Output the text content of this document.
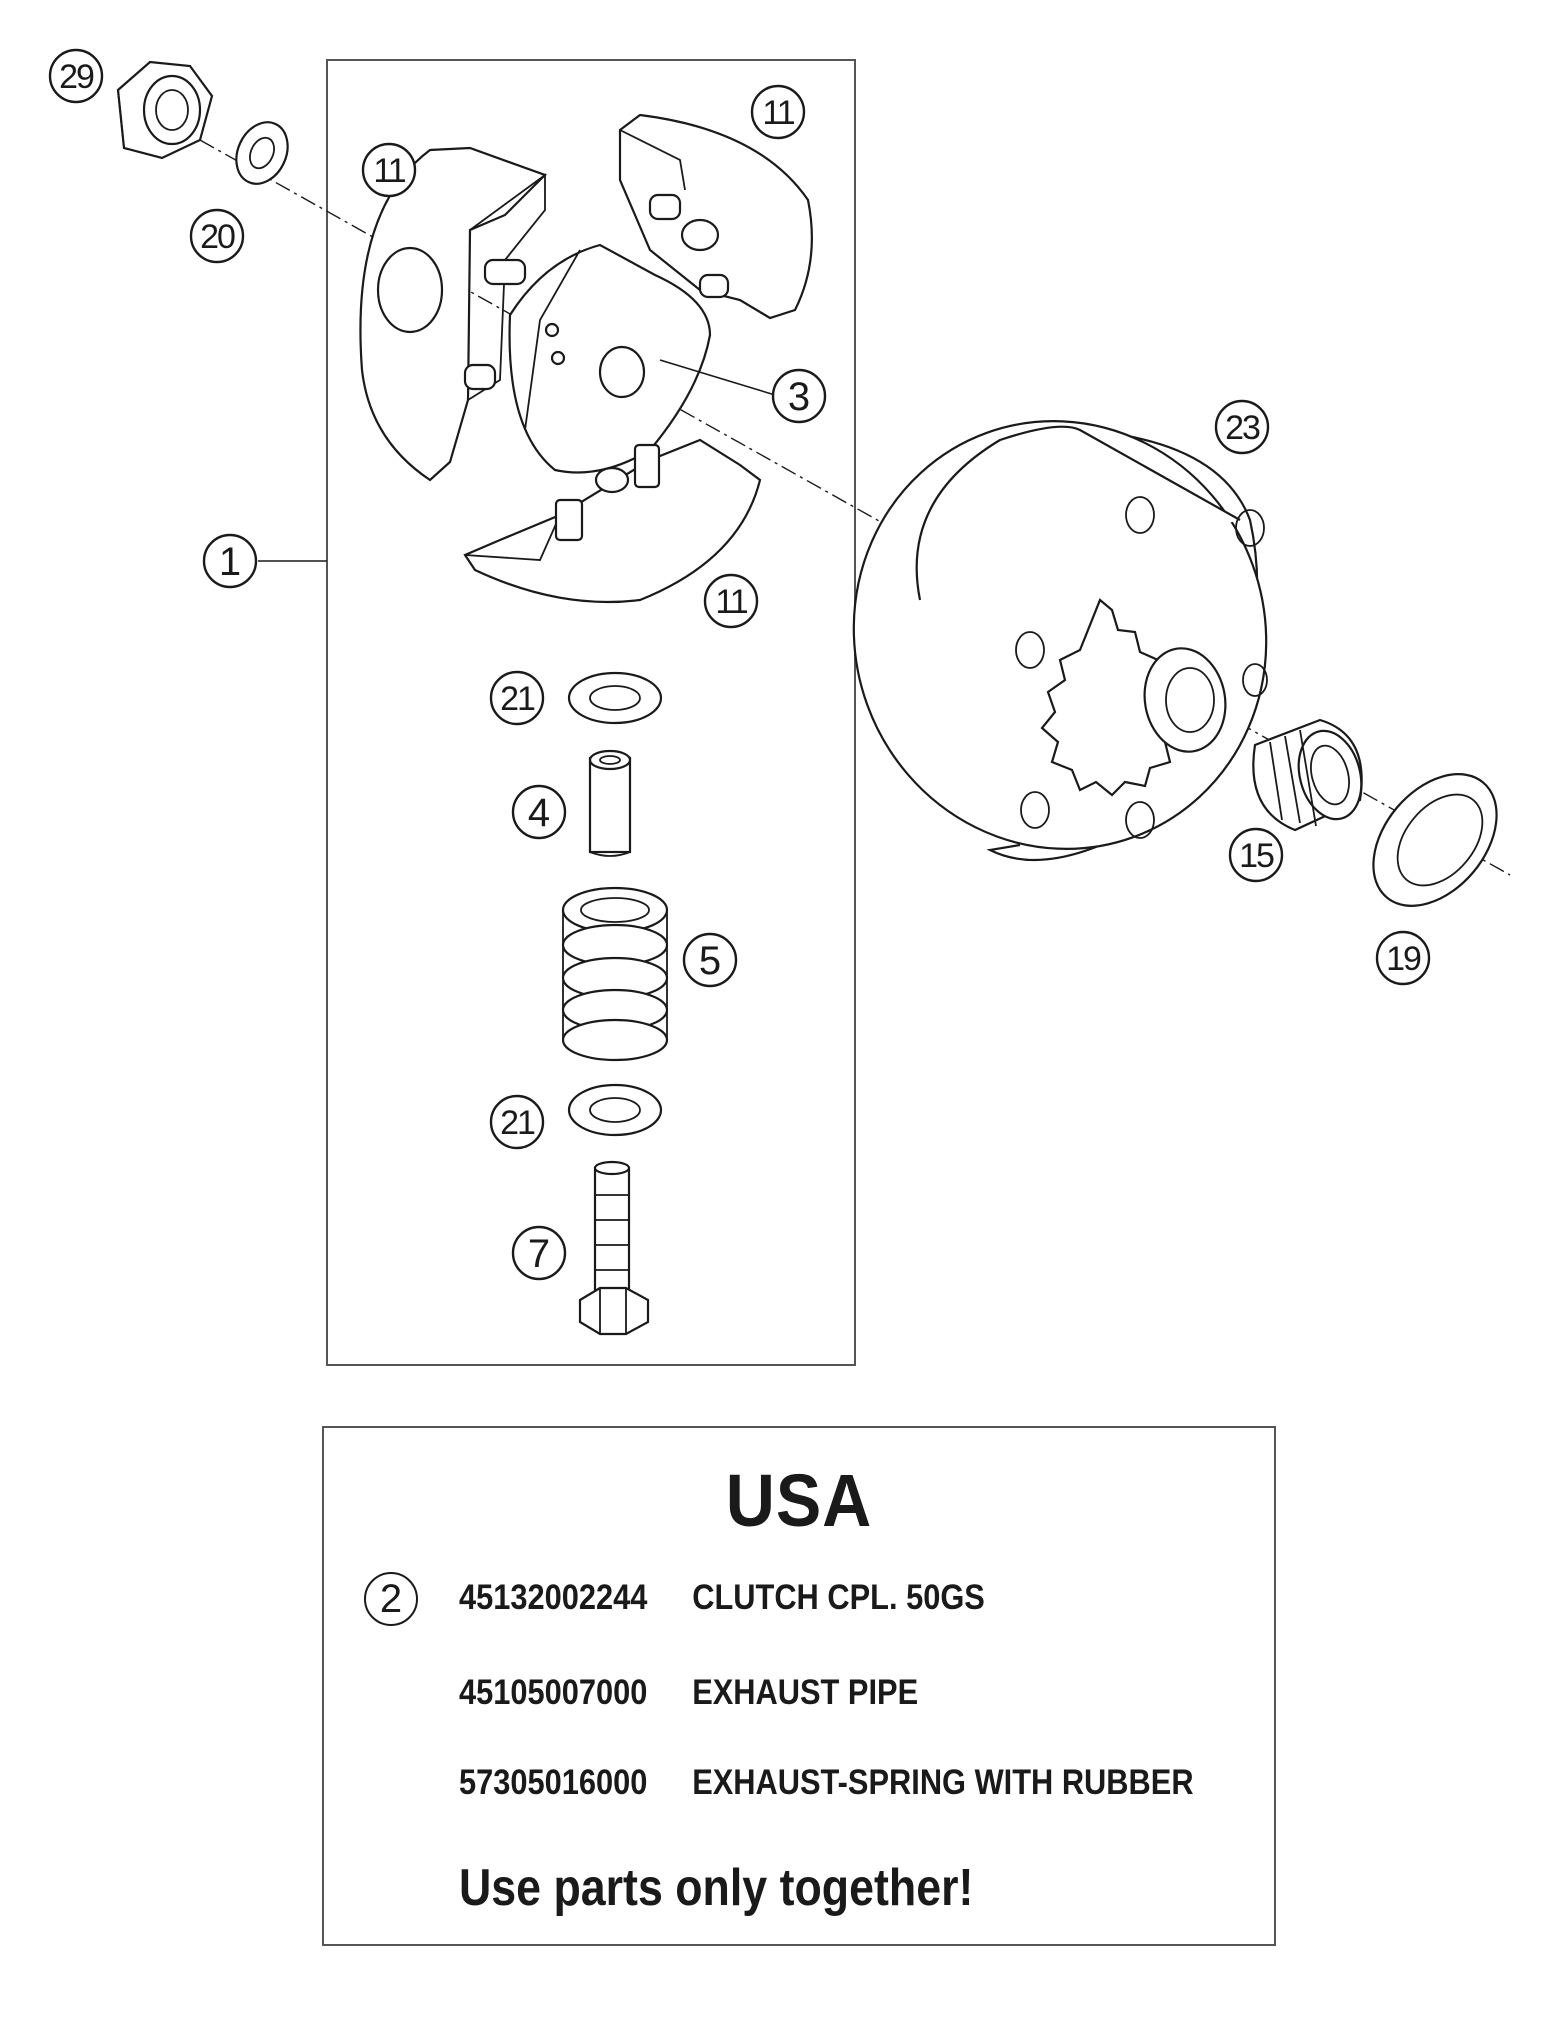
29
20
11
11
3
1
11
23
21
4
5
21
7
15
19
USA
2	45132002244 CLUTCH CPL. 50GS
45105007000 EXHAUST PIPE
57305016000 EXHAUST-SPRING WITH RUBBER
Use parts only together!
